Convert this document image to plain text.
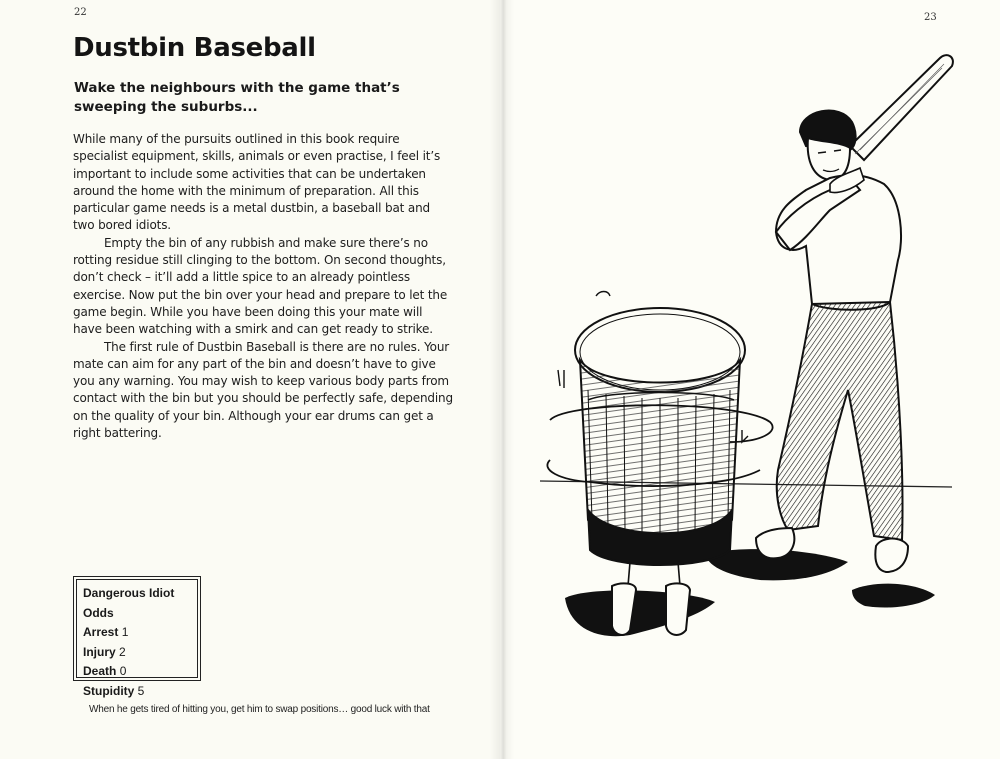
22
Dustbin Baseball
Wake the neighbours with the game that’s sweeping the suburbs...

While many of the pursuits outlined in this book require specialist equipment, skills, animals or even practise, I feel it’s important to include some activities that can be undertaken around the home with the minimum of preparation. All this particular game needs is a metal dustbin, a baseball bat and two bored idiots.

Empty the bin of any rubbish and make sure there’s no rotting residue still clinging to the bottom. On second thoughts, don’t check – it’ll add a little spice to an already pointless exercise. Now put the bin over your head and prepare to let the game begin. While you have been doing this your mate will have been watching with a smirk and can get ready to strike.

The first rule of Dustbin Baseball is there are no rules. Your mate can aim for any part of the bin and doesn’t have to give you any warning. You may wish to keep various body parts from contact with the bin but you should be perfectly safe, depending on the quality of your bin. Although your ear drums can get a right battering.

Dangerous Idiot Odds
Arrest 1
Injury 2
Death 0
Stupidity 5
When he gets tired of hitting you, get him to swap positions… good luck with that
23
